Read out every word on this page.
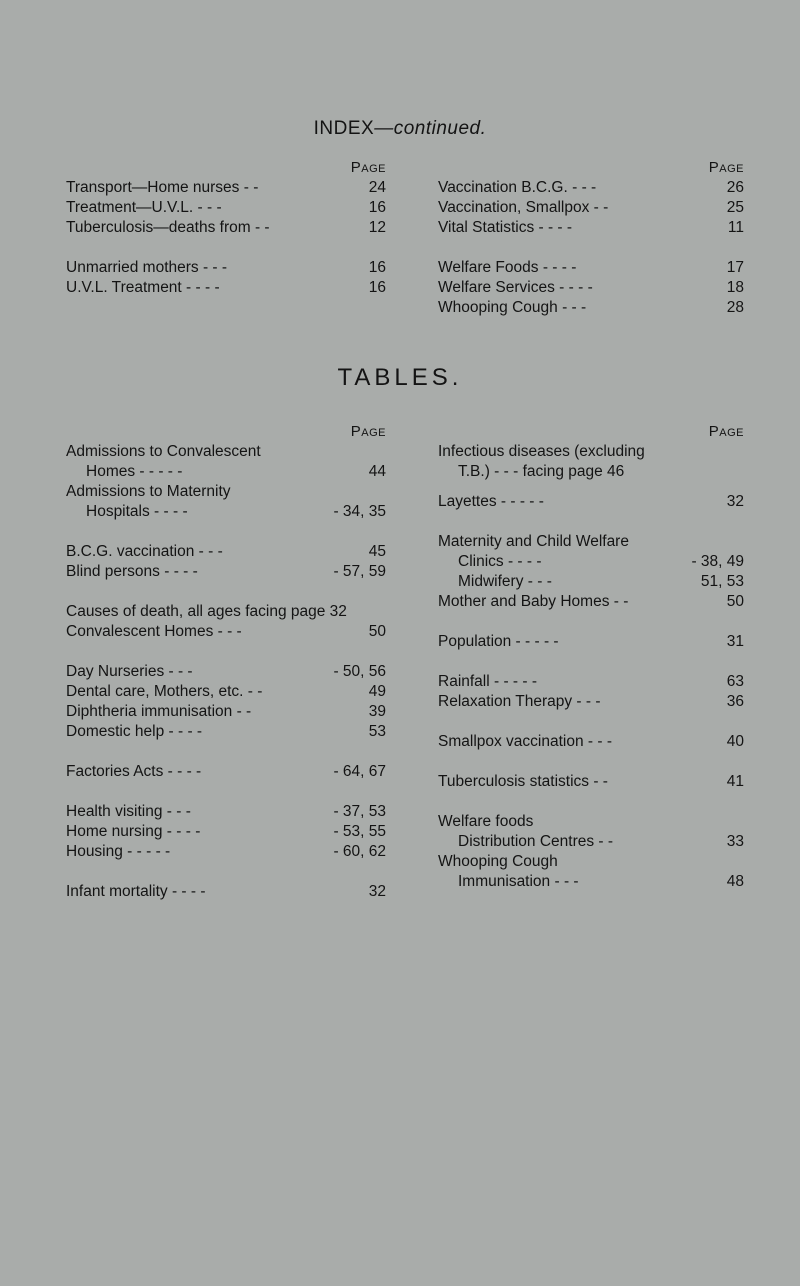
INDEX—continued.
Page
Transport—Home nurses - -	24
Treatment—U.V.L. - - -	16
Tuberculosis—deaths from - -	12
Unmarried mothers - - -	16
U.V.L. Treatment - - - -	16
Page
Vaccination B.C.G. - - -	26
Vaccination, Smallpox - -	25
Vital Statistics - - - -	11
Welfare Foods - - - -	17
Welfare Services - - - -	18
Whooping Cough - - -	28
TABLES.
Page
Admissions to Convalescent
Homes - - - - -	44
Admissions to Maternity
Hospitals - - - -	- 34, 35
B.C.G. vaccination - - -	45
Blind persons - - - -	- 57, 59
Causes of death, all ages facing page 32
Convalescent Homes - - -	50
Day Nurseries - - -	- 50, 56
Dental care, Mothers, etc. - -	49
Diphtheria immunisation - -	39
Domestic help - - - -	53
Factories Acts - - - -	- 64, 67
Health visiting - - -	- 37, 53
Home nursing - - - -	- 53, 55
Housing - - - - -	- 60, 62
Infant mortality - - - -	32
Page
Infectious diseases (excluding
T.B.) - - - facing page 46
Layettes - - - - -	32
Maternity and Child Welfare
Clinics - - - -	- 38, 49
Midwifery - - -	51, 53
Mother and Baby Homes - -	50
Population - - - - -	31
Rainfall - - - - -	63
Relaxation Therapy - - -	36
Smallpox vaccination - - -	40
Tuberculosis statistics - -	41
Welfare foods
Distribution Centres - -	33
Whooping Cough
Immunisation - - -	48
